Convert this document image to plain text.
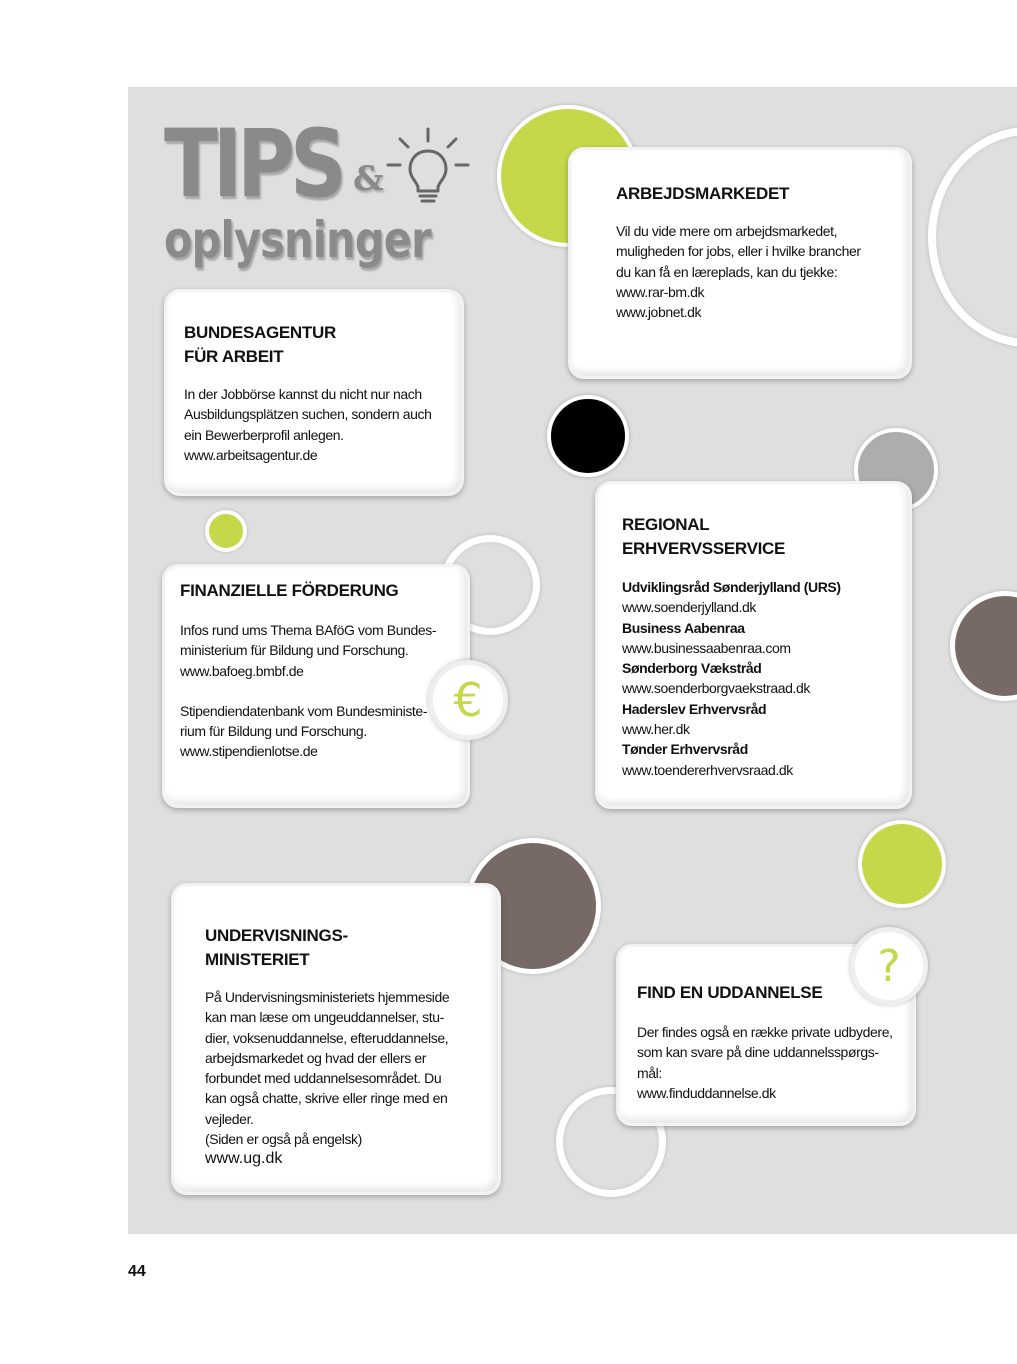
TIPS &
oplysninger
ARBEJDSMARKEDET

Vil du vide mere om arbejdsmarkedet,
muligheden for jobs, eller i hvilke brancher
du kan få en læreplads, kan du tjekke:
www.rar-bm.dk
www.jobnet.dk

BUNDESAGENTUR
FÜR ARBEIT

In der Jobbörse kannst du nicht nur nach
Ausbildungsplätzen suchen, sondern auch
ein Bewerberprofil anlegen.
www.arbeitsagentur.de

FINANZIELLE FÖRDERUNG

Infos rund ums Thema BAföG vom Bundes-
ministerium für Bildung und Forschung.
www.bafoeg.bmbf.de

Stipendiendatenbank vom Bundesministe-
rium für Bildung und Forschung.
www.stipendienlotse.de

€
REGIONAL
ERHVERVSSERVICE

Udviklingsråd Sønderjylland (URS)
www.soenderjylland.dk
Business Aabenraa
www.businessaabenraa.com
Sønderborg Vækstråd
www.soenderborgvaekstraad.dk
Haderslev Erhvervsråd
www.her.dk
Tønder Erhvervsråd
www.toendererhvervsraad.dk

UNDERVISNINGS-
MINISTERIET

På Undervisningsministeriets hjemmeside
kan man læse om ungeuddannelser, stu-
dier, voksenuddannelse, efteruddannelse,
arbejdsmarkedet og hvad der ellers er
forbundet med uddannelsesområdet. Du
kan også chatte, skrive eller ringe med en
vejleder.
(Siden er også på engelsk)
www.ug.dk

FIND EN UDDANNELSE

Der findes også en række private udbydere,
som kan svare på dine uddannelsspørgs-
mål:
www.finduddannelse.dk

?
44
